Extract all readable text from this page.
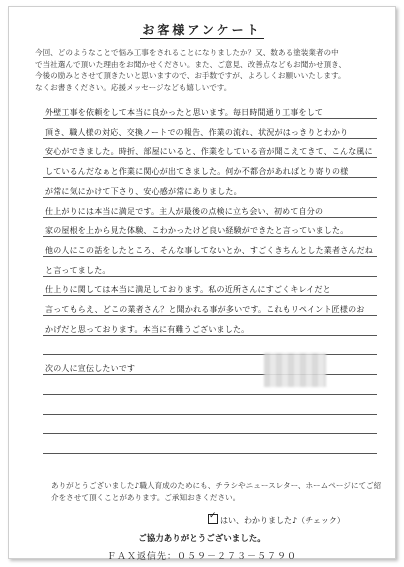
お客様アンケート
今回、どのようなことで悩み工事をされることになりましたか？又、数ある塗装業者の中
で当社選んで頂いた理由をお聞かせください。また、ご意見、改善点などもお聞かせ頂き、
今後の励みとさせて頂きたいと思いますので、お手数ですが、よろしくお願いいたします。
なくお書きください。応援メッセージなども嬉しいです。
外壁工事を依頼をして本当に良かったと思います。毎日時間通り工事をして
頂き、職人様の対応、交換ノートでの報告、作業の流れ、状況がはっきりとわかり
安心ができました。時折、部屋にいると、作業をしている音が聞こえてきて、こんな風に
しているんだなぁと作業に関心が出てきました。何か不都合があればとり寄りの様
が常に気にかけて下さり、安心感が常にありました。
仕上がりには本当に満足です。主人が最後の点検に立ち会い、初めて自分の
家の屋根を上から見た体験、こわかったけど良い経験ができたと言っていました。
他の人にこの話をしたところ、そんな事してないとか、すごくきちんとした業者さんだね
と言ってました。
仕上りに関しては本当に満足しております。私の近所さんにすごくキレイだと
言ってもらえ、どこの業者さん？と聞かれる事が多いです。これもリペイント匠様のお
かげだと思っております。本当に有難うございました。
次の人に宣伝したいです
ありがとうございました♪職人育成のためにも、チラシやニュースレター、ホームページにてご紹
介をさせて頂くことがあります。ご承知おきください。
✓はい、わかりました♪（チェック）
ご協力ありがとうございました。
ＦＡＸ返信先：０５９－２７３－５７９０
